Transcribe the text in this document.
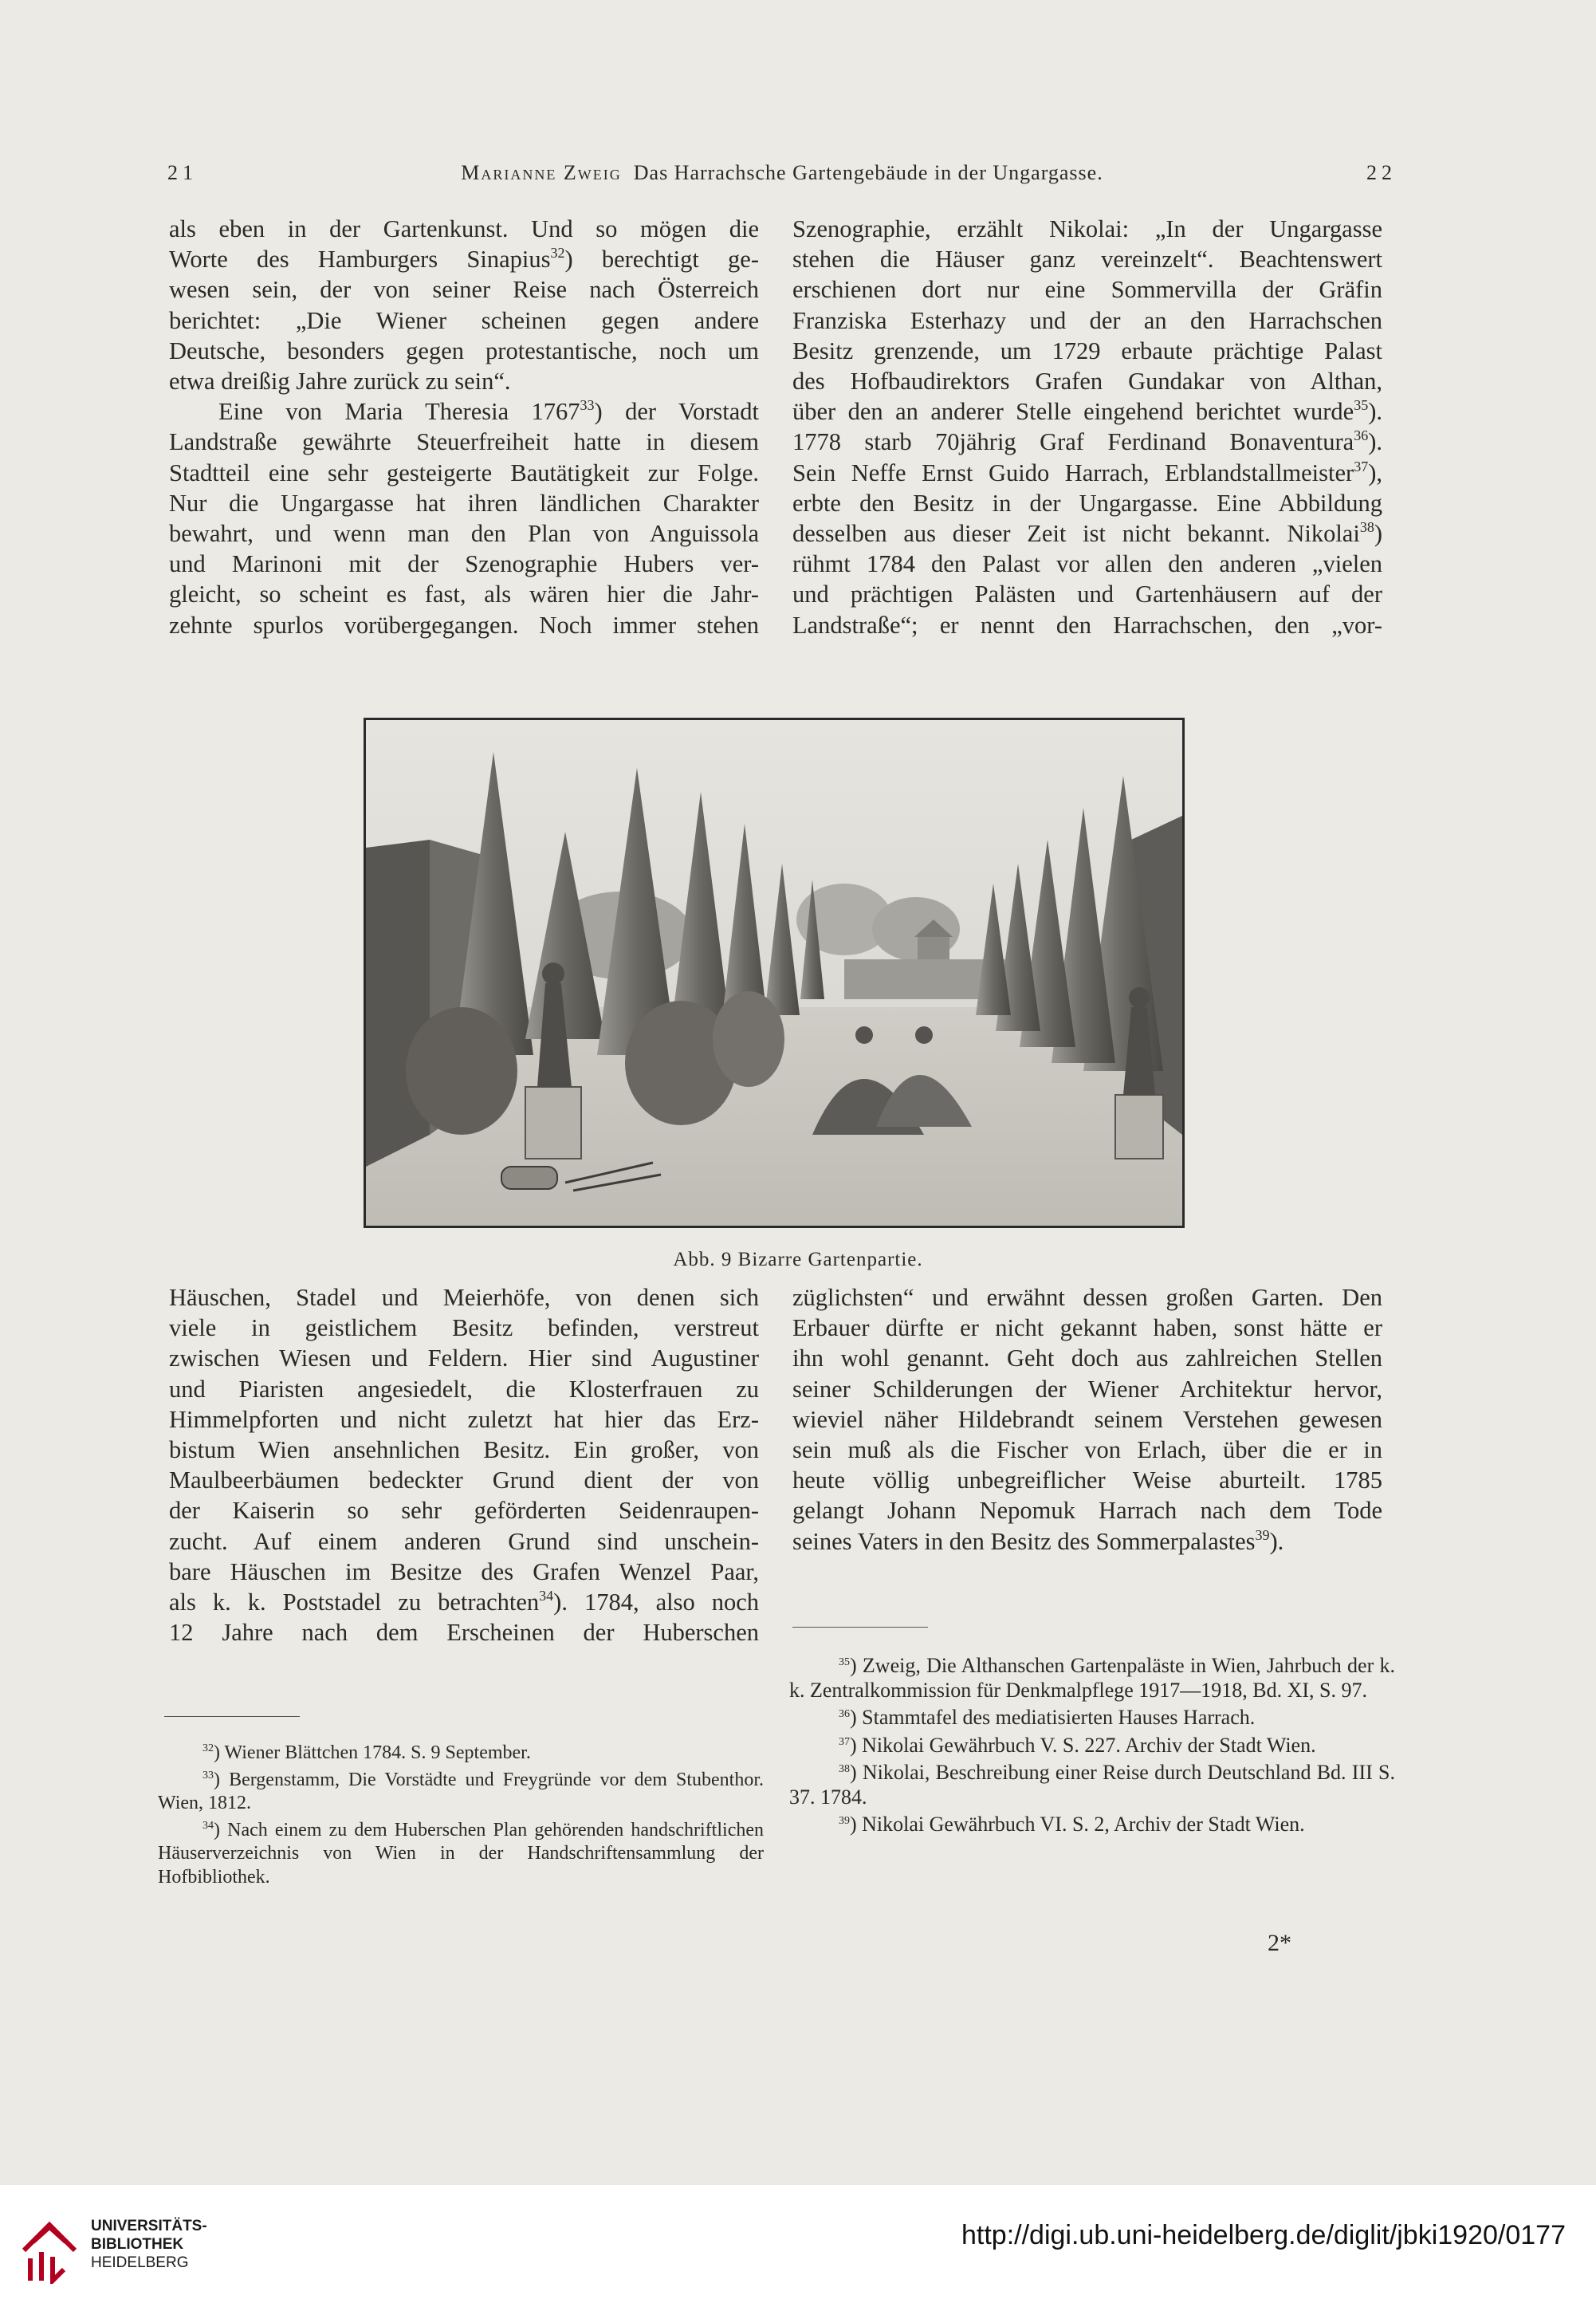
21	Marianne Zweig Das Harrachsche Gartengebäude in der Ungargasse.	22

als eben in der Gartenkunst. Und so mögen die
Worte des Hamburgers Sinapius$^{32}$) berechtigt ge-
wesen sein, der von seiner Reise nach Österreich
berichtet: „Die Wiener scheinen gegen andere
Deutsche, besonders gegen protestantische, noch um
etwa dreißig Jahre zurück zu sein“.

Eine von Maria Theresia 1767$^{33}$) der Vorstadt
Landstraße gewährte Steuerfreiheit hatte in diesem
Stadtteil eine sehr gesteigerte Bautätigkeit zur Folge.
Nur die Ungargasse hat ihren ländlichen Charakter
bewahrt, und wenn man den Plan von Anguissola
und Marinoni mit der Szenographie Hubers ver-
gleicht, so scheint es fast, als wären hier die Jahr-
zehnte spurlos vorübergegangen. Noch immer stehen

Szenographie, erzählt Nikolai: „In der Ungargasse
stehen die Häuser ganz vereinzelt“. Beachtenswert
erschienen dort nur eine Sommervilla der Gräfin
Franziska Esterhazy und der an den Harrachschen
Besitz grenzende, um 1729 erbaute prächtige Palast
des Hofbaudirektors Grafen Gundakar von Althan,
über den an anderer Stelle eingehend berichtet wurde$^{35}$).
1778 starb 70jährig Graf Ferdinand Bonaventura$^{36}$).
Sein Neffe Ernst Guido Harrach, Erblandstallmeister$^{37}$),
erbte den Besitz in der Ungargasse. Eine Abbildung
desselben aus dieser Zeit ist nicht bekannt. Nikolai$^{38}$)
rühmt 1784 den Palast vor allen den anderen „vielen
und prächtigen Palästen und Gartenhäusern auf der
Landstraße“; er nennt den Harrachschen, den „vor-

Abb. 9 Bizarre Gartenpartie.

Häuschen, Stadel und Meierhöfe, von denen sich
viele in geistlichem Besitz befinden, verstreut
zwischen Wiesen und Feldern. Hier sind Augustiner
und Piaristen angesiedelt, die Klosterfrauen zu
Himmelpforten und nicht zuletzt hat hier das Erz-
bistum Wien ansehnlichen Besitz. Ein großer, von
Maulbeerbäumen bedeckter Grund dient der von
der Kaiserin so sehr geförderten Seidenraupen-
zucht. Auf einem anderen Grund sind unschein-
bare Häuschen im Besitze des Grafen Wenzel Paar,
als k. k. Poststadel zu betrachten$^{34}$). 1784, also noch
12 Jahre nach dem Erscheinen der Huberschen

züglichsten“ und erwähnt dessen großen Garten. Den
Erbauer dürfte er nicht gekannt haben, sonst hätte er
ihn wohl genannt. Geht doch aus zahlreichen Stellen
seiner Schilderungen der Wiener Architektur hervor,
wieviel näher Hildebrandt seinem Verstehen gewesen
sein muß als die Fischer von Erlach, über die er in
heute völlig unbegreiflicher Weise aburteilt. 1785
gelangt Johann Nepomuk Harrach nach dem Tode
seines Vaters in den Besitz des Sommerpalastes$^{39}$).

$^{32}$) Wiener Blättchen 1784. S. 9 September.

$^{33}$) Bergenstamm, Die Vorstädte und Freygründe vor dem Stubenthor. Wien, 1812.

$^{34}$) Nach einem zu dem Huberschen Plan gehörenden handschriftlichen Häuserverzeichnis von Wien in der Handschriftensammlung der Hofbibliothek.

$^{35}$) Zweig, Die Althanschen Gartenpaläste in Wien, Jahrbuch der k. k. Zentralkommission für Denkmalpflege 1917—1918, Bd. XI, S. 97.

$^{36}$) Stammtafel des mediatisierten Hauses Harrach.

$^{37}$) Nikolai Gewährbuch V. S. 227. Archiv der Stadt Wien.

$^{38}$) Nikolai, Beschreibung einer Reise durch Deutschland Bd. III S. 37. 1784.

$^{39}$) Nikolai Gewährbuch VI. S. 2, Archiv der Stadt Wien.

2*
UNIVERSITÄTS-
BIBLIOTHEK
HEIDELBERG
http://digi.ub.uni-heidelberg.de/diglit/jbki1920/0177
